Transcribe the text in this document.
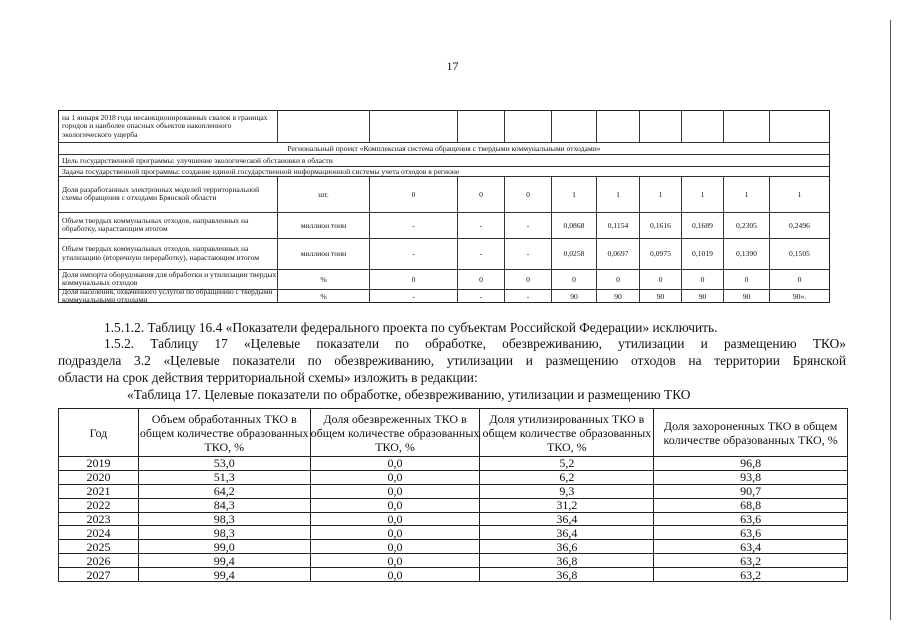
17
на 1 января 2018 года несанкционированных свалок в границах городов и наиболее опасных объектов накопленного экологического ущерба
Региональный проект «Комплексная система обращения с твердыми коммунальными отходами»
Цель государственной программы: улучшение экологической обстановки в области
Задача государственной программы: создание единой государственной информационной системы учета отходов в регионе
Доля разработанных электронных моделей территориальной схемы обращения с отходами Брянской области	шт.	0	0	0	1	1	1	1	1	1
Объем твердых коммунальных отходов, направленных на обработку, нарастающим итогом	миллион тонн	-	-	-	0,0868	0,1154	0,1616	0,1689	0,2305	0,2496
Объем твердых коммунальных отходов, направленных на утилизацию (вторичную переработку), нарастающим итогом	миллион тонн	-	-	-	0,0258	0,0697	0,0975	0,1019	0,1390	0,1505
Доля импорта оборудования для обработки и утилизации твердых коммунальных отходов	%	0	0	0	0	0	0	0	0	0
Доля населения, охваченного услугой по обращению с твердыми коммунальными отходами	%	-	-	-	90	90	90	90	90	90».
1.5.1.2. Таблицу 16.4 «Показатели федерального проекта по субъектам Российской Федерации» исключить.
1.5.2. Таблицу 17 «Целевые показатели по обработке, обезвреживанию, утилизации и размещению ТКО»
подраздела 3.2 «Целевые показатели по обезвреживанию, утилизации и размещению отходов на территории Брянской
области на срок действия территориальной схемы» изложить в редакции:
«Таблица 17. Целевые показатели по обработке, обезвреживанию, утилизации и размещению ТКО
Год	Объем обработанных ТКО в общем количестве образованных ТКО, %	Доля обезвреженных ТКО в общем количестве образованных ТКО, %	Доля утилизированных ТКО в общем количестве образованных ТКО, %	Доля захороненных ТКО в общем количестве образованных ТКО, %
2019	53,0	0,0	5,2	96,8
2020	51,3	0,0	6,2	93,8
2021	64,2	0,0	9,3	90,7
2022	84,3	0,0	31,2	68,8
2023	98,3	0,0	36,4	63,6
2024	98,3	0,0	36,4	63,6
2025	99,0	0,0	36,6	63,4
2026	99,4	0,0	36,8	63,2
2027	99,4	0,0	36,8	63,2
